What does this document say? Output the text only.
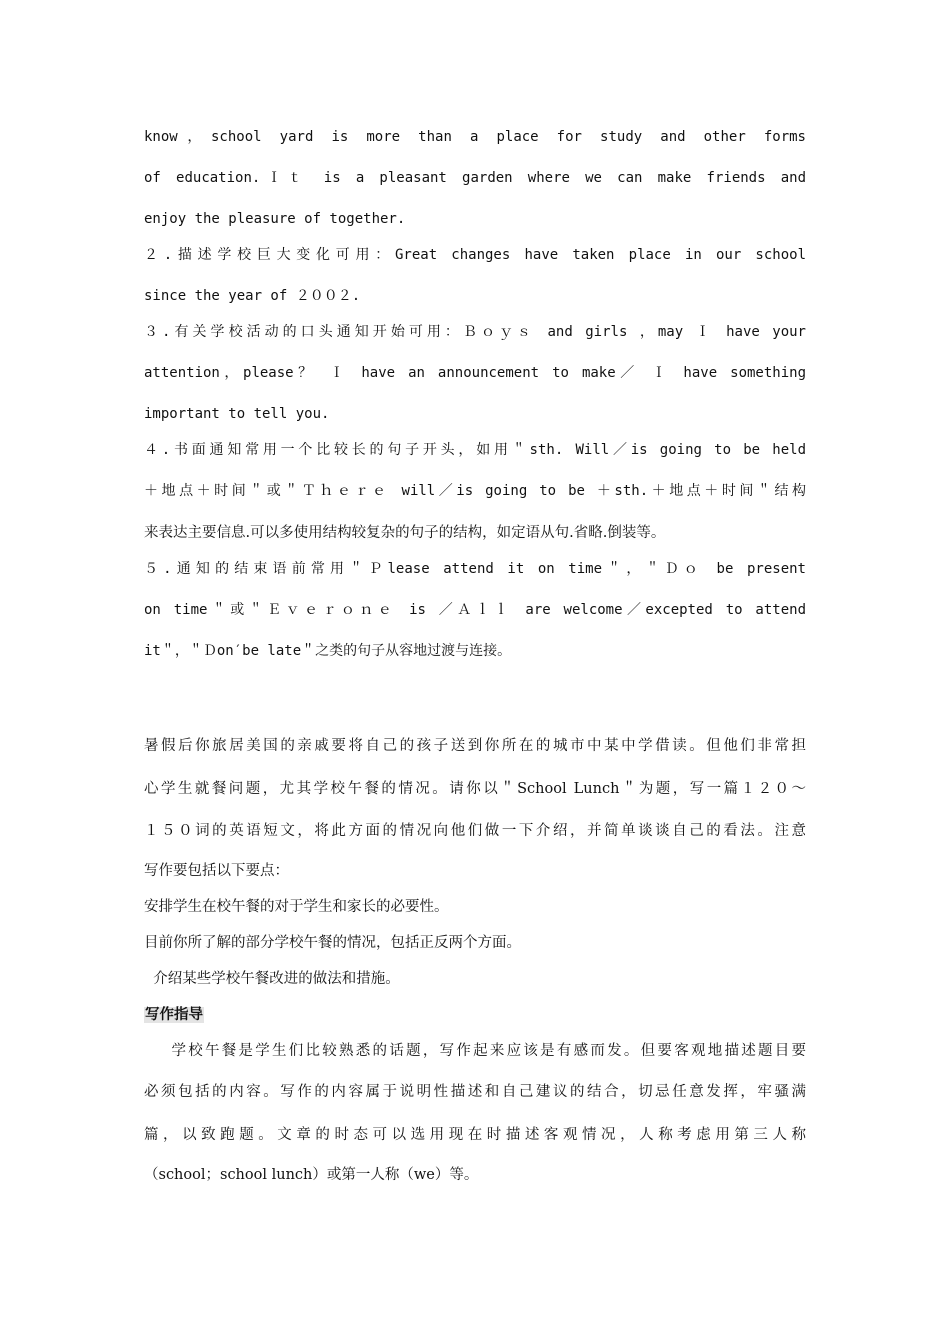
know，school yard is more than a place for study and other forms
of education.Ｉｔ is a pleasant garden where we can make friends and
enjoy the pleasure of together.
２.描述学校巨大变化可用：Great changes have taken place in our school
since the year of ２００２.
３.有关学校活动的口头通知开始可用：Ｂｏｙｓ and girls ，may Ｉ have your
attention，please？ Ｉ have an announcement to make／ Ｉ have something
important to tell you.
４.书面通知常用一个比较长的句子开头，如用＂sth. Will／is going to be held
＋地点＋时间＂或＂Ｔｈｅｒｅ will／is going to be ＋sth.＋地点＋时间＂结构
来表达主要信息.可以多使用结构较复杂的句子的结构，如定语从句.省略.倒装等。
５.通知的结束语前常用＂Ｐlease attend it on time＂，＂Ｄｏ be present
on time＂或＂Ｅｖｅｒｏｎｅ is ／Ａｌｌ are welcome／excepted to attend
it＂，＂Ｄon′be late＂之类的句子从容地过渡与连接。
暑假后你旅居美国的亲戚要将自己的孩子送到你所在的城市中某中学借读。但他们非常担
心学生就餐问题，尤其学校午餐的情况。请你以＂School Lunch＂为题，写一篇１２０～
１５０词的英语短文，将此方面的情况向他们做一下介绍，并简单谈谈自己的看法。注意
写作要包括以下要点：
安排学生在校午餐的对于学生和家长的必要性。
目前你所了解的部分学校午餐的情况，包括正反两个方面。
介绍某些学校午餐改进的做法和措施。
写作指导
学校午餐是学生们比较熟悉的话题，写作起来应该是有感而发。但要客观地描述题目要
必须包括的内容。写作的内容属于说明性描述和自己建议的结合，切忌任意发挥，牢骚满
篇，以致跑题。文章的时态可以选用现在时描述客观情况，人称考虑用第三人称
（school；school lunch）或第一人称（we）等。
